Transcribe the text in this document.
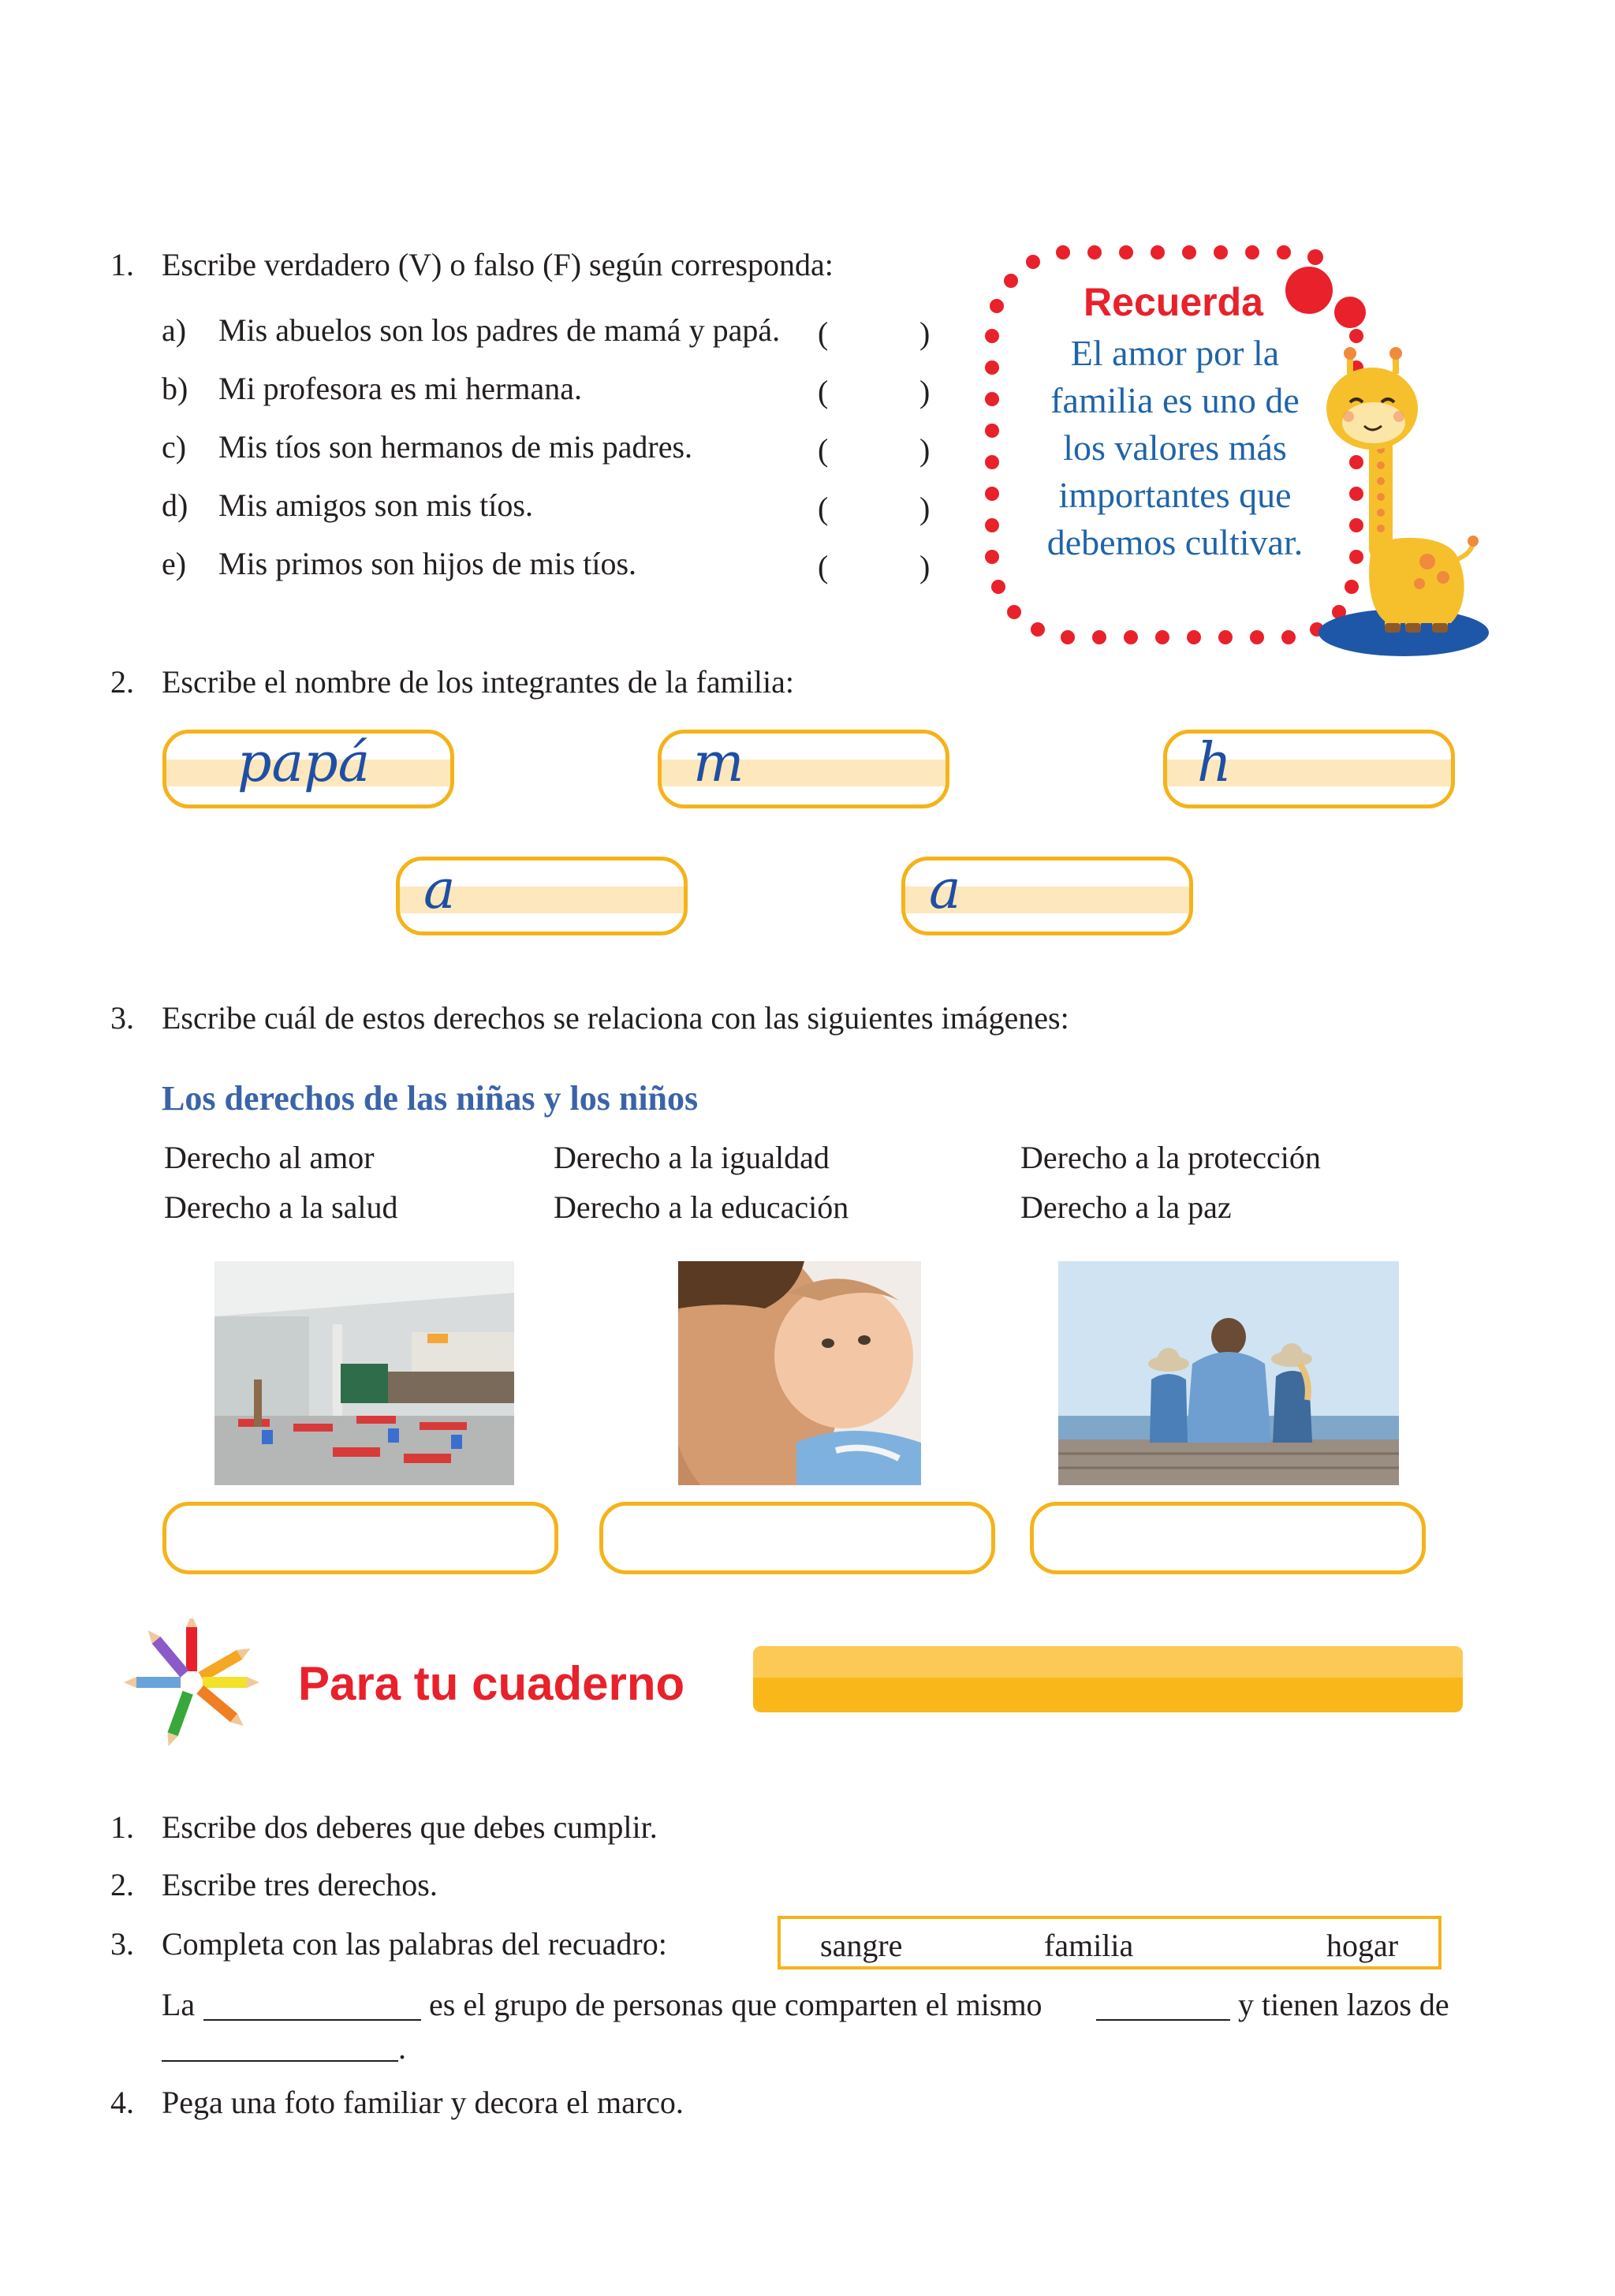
1. Escribe verdadero (V) o falso (F) según corresponda:
a) Mis abuelos son los padres de mamá y papá. (	)
b) Mi profesora es mi hermana.	(	)
c) Mis tíos son hermanos de mis padres.	(	)
d) Mis amigos son mis tíos.	(	)
e) Mis primos son hijos de mis tíos.	(	)
Recuerda
El amor por la
familia es uno de
los valores más
importantes que
debemos cultivar.
2. Escribe el nombre de los integrantes de la familia:
papá	m	h
a	a
3. Escribe cuál de estos derechos se relaciona con las siguientes imágenes:
Los derechos de las niñas y los niños
Derecho al amor	Derecho a la igualdad	Derecho a la protección
Derecho a la salud	Derecho a la educación	Derecho a la paz
Para tu cuaderno
1. Escribe dos deberes que debes cumplir.
2. Escribe tres derechos.
3. Completa con las palabras del recuadro:	sangre	familia	hogar
La	es el grupo de personas que comparten el mismo	y tienen lazos de
.
4. Pega una foto familiar y decora el marco.
